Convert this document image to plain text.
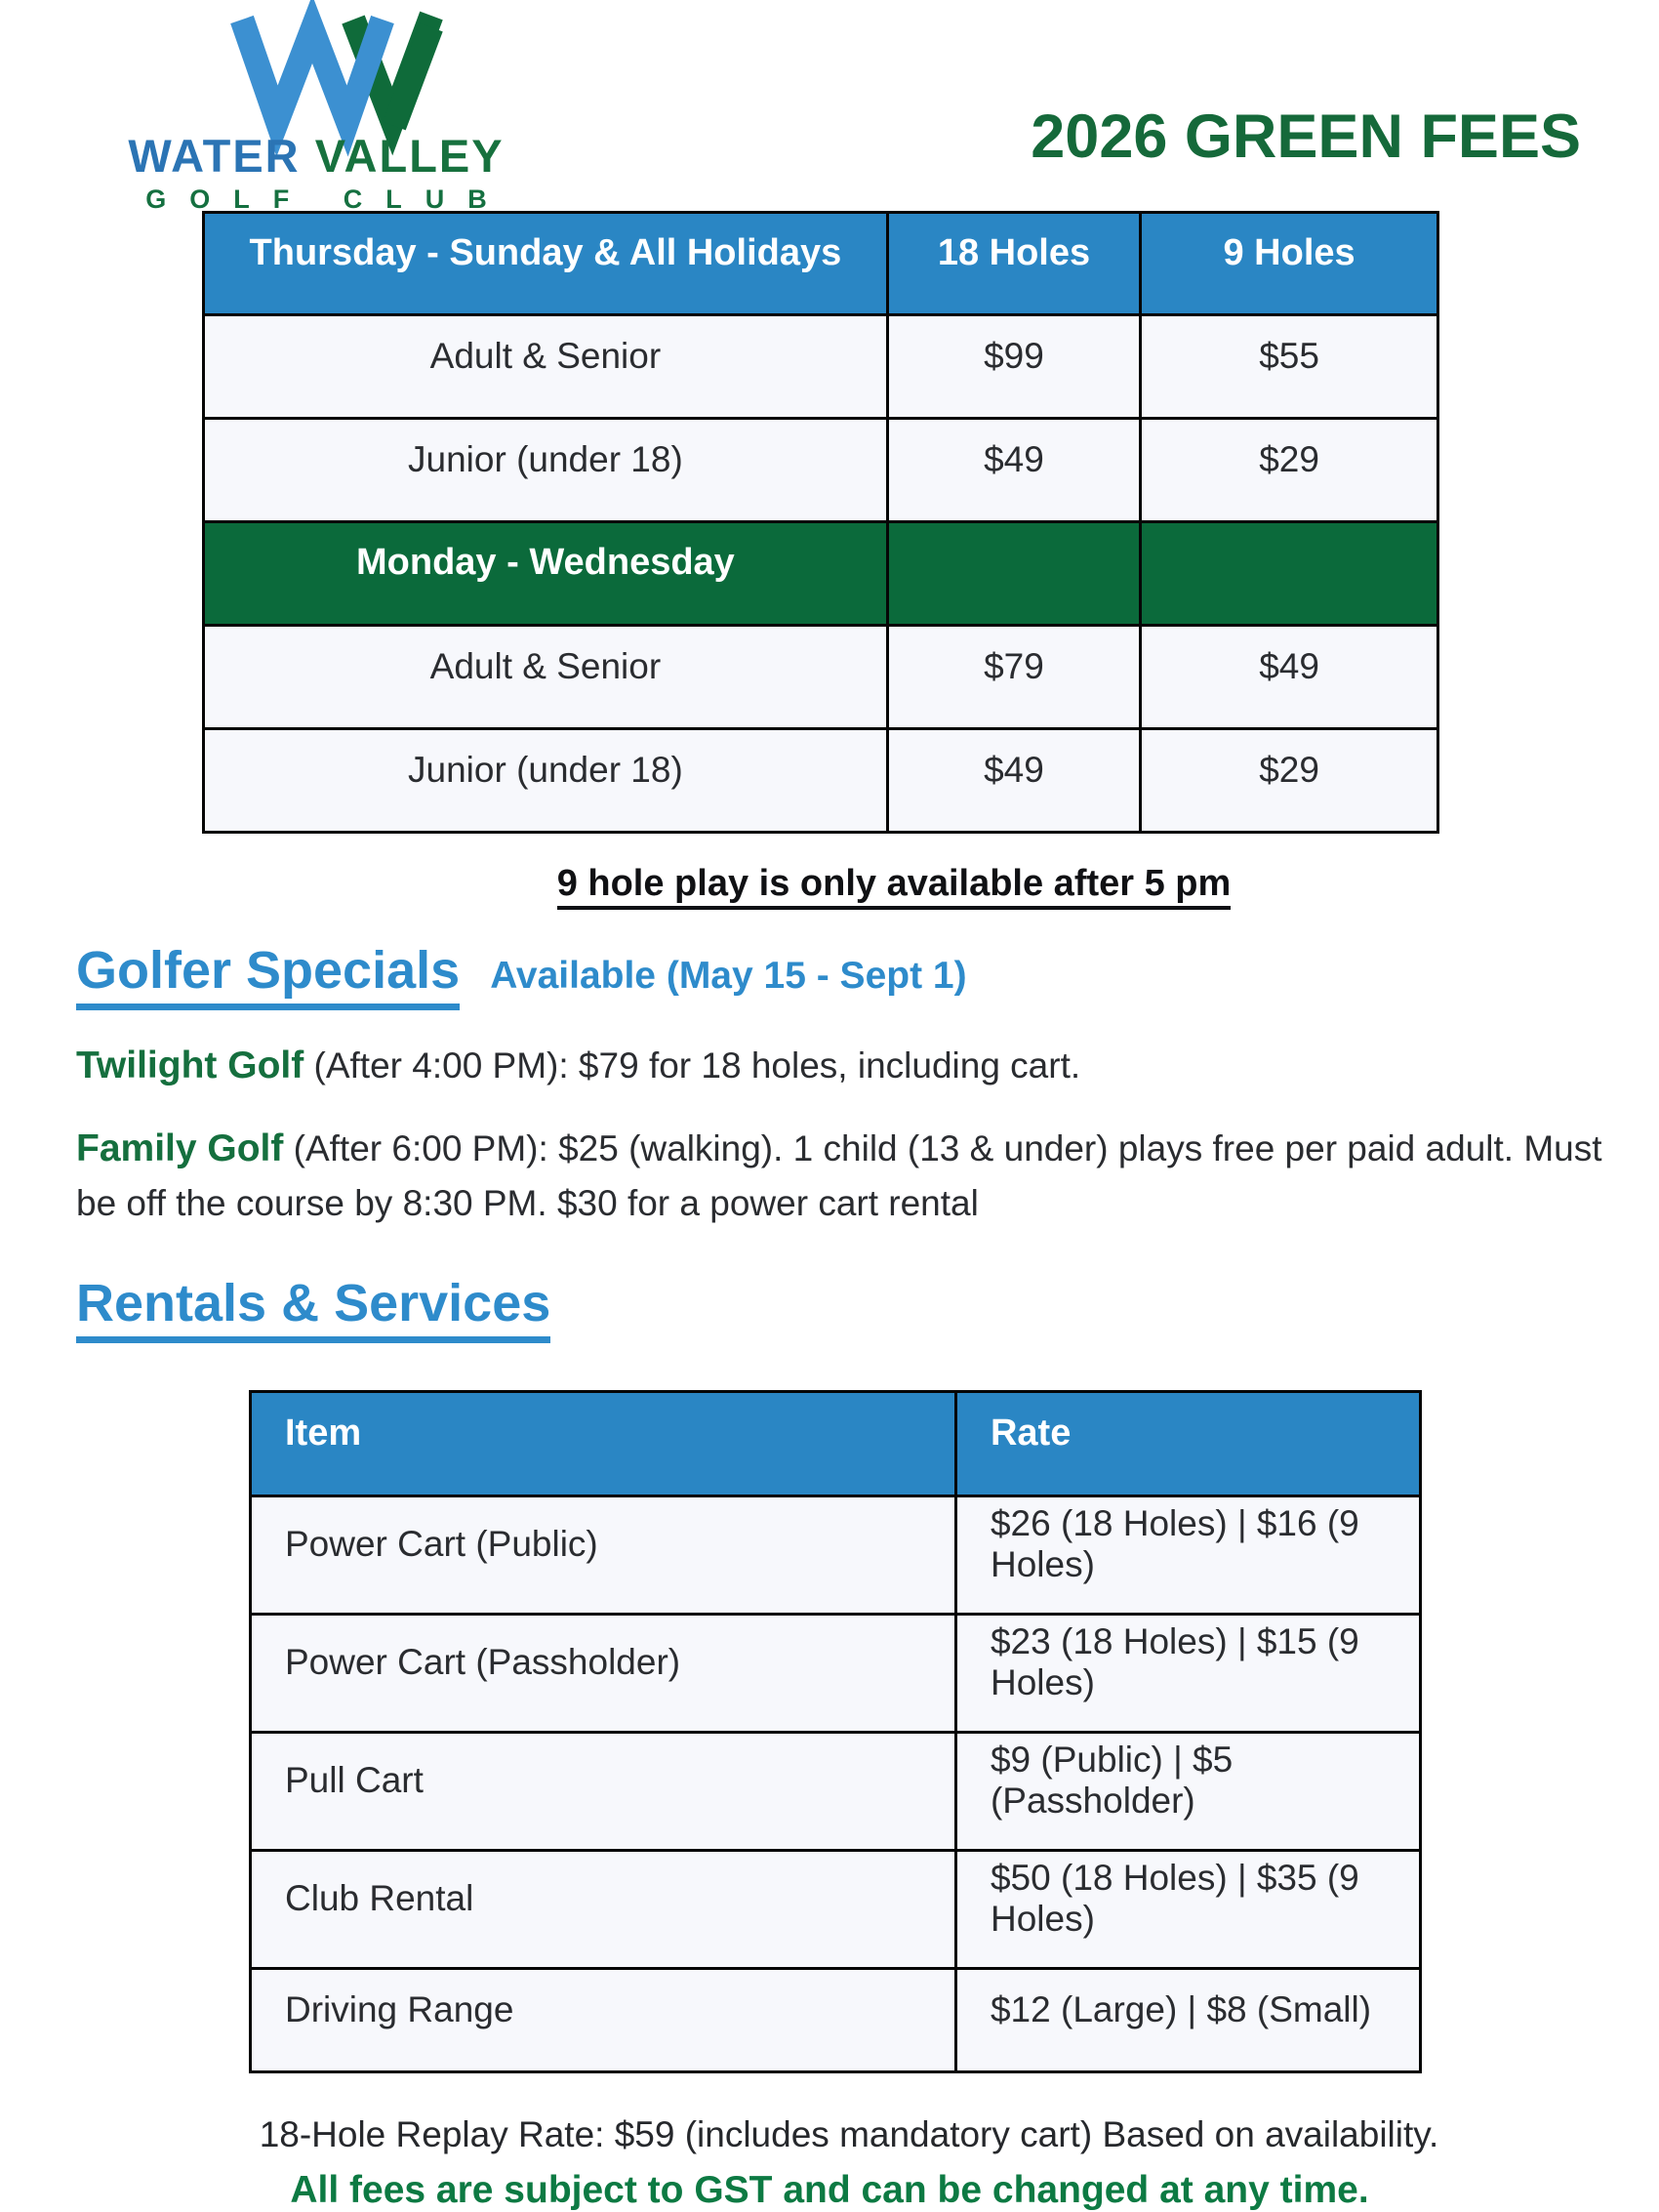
WATER VALLEY
GOLF CLUB
2026 GREEN FEES
Thursday - Sunday & All Holidays	18 Holes	9 Holes
Adult & Senior	$99	$55
Junior (under 18)	$49	$29
Monday - Wednesday		
Adult & Senior	$79	$49
Junior (under 18)	$49	$29

9 hole play is only available after 5 pm

Golfer Specials Available (May 15 - Sept 1)

Twilight Golf (After 4:00 PM): $79 for 18 holes, including cart.

Family Golf (After 6:00 PM): $25 (walking). 1 child (13 & under) plays free per paid adult. Must be off the course by 8:30 PM. $30 for a power cart rental

Rentals & Services
Item	Rate
Power Cart (Public)	$26 (18 Holes) | $16 (9 Holes)
Power Cart (Passholder)	$23 (18 Holes) | $15 (9 Holes)
Pull Cart	$9 (Public) | $5 (Passholder)
Club Rental	$50 (18 Holes) | $35 (9 Holes)
Driving Range	$12 (Large) | $8 (Small)

18-Hole Replay Rate: $59 (includes mandatory cart) Based on availability.

All fees are subject to GST and can be changed at any time.
